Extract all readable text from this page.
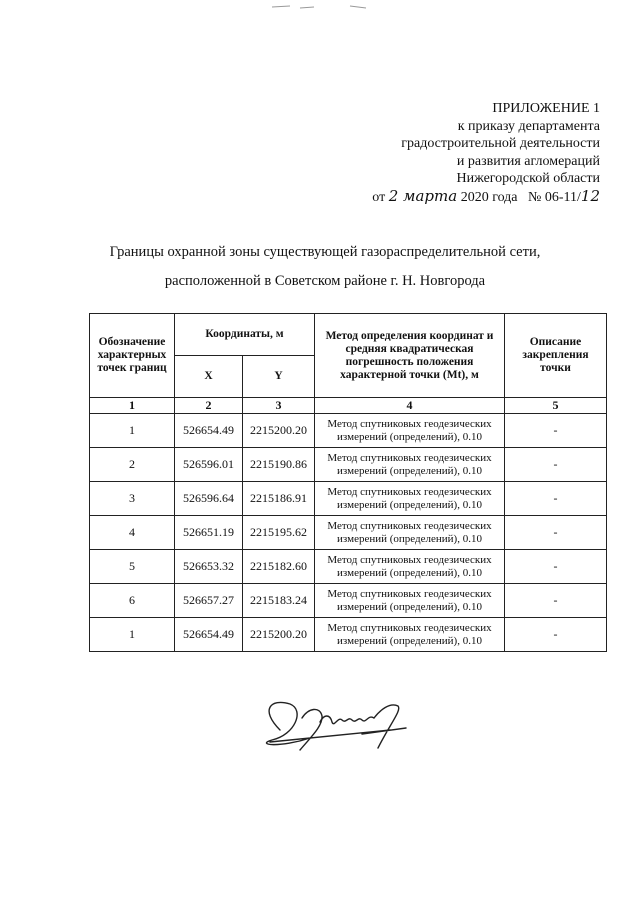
ПРИЛОЖЕНИЕ 1
к приказу департамента
градостроительной деятельности
и развития агломераций
Нижегородской области
от 2 марта 2020 года № 06-11/12
Границы охранной зоны существующей газораспределительной сети,
расположенной в Советском районе г. Н. Новгорода
Обозначение характерных точек границ	Координаты, м		Метод определения координат и средняя квадратическая погрешность положения характерной точки (Mt), м	Описание закрепления точки
	X	Y		
1	2	3	4	5
1	526654.49	2215200.20	Метод спутниковых геодезических измерений (определений), 0.10	-
2	526596.01	2215190.86	Метод спутниковых геодезических измерений (определений), 0.10	-
3	526596.64	2215186.91	Метод спутниковых геодезических измерений (определений), 0.10	-
4	526651.19	2215195.62	Метод спутниковых геодезических измерений (определений), 0.10	-
5	526653.32	2215182.60	Метод спутниковых геодезических измерений (определений), 0.10	-
6	526657.27	2215183.24	Метод спутниковых геодезических измерений (определений), 0.10	-
1	526654.49	2215200.20	Метод спутниковых геодезических измерений (определений), 0.10	-
